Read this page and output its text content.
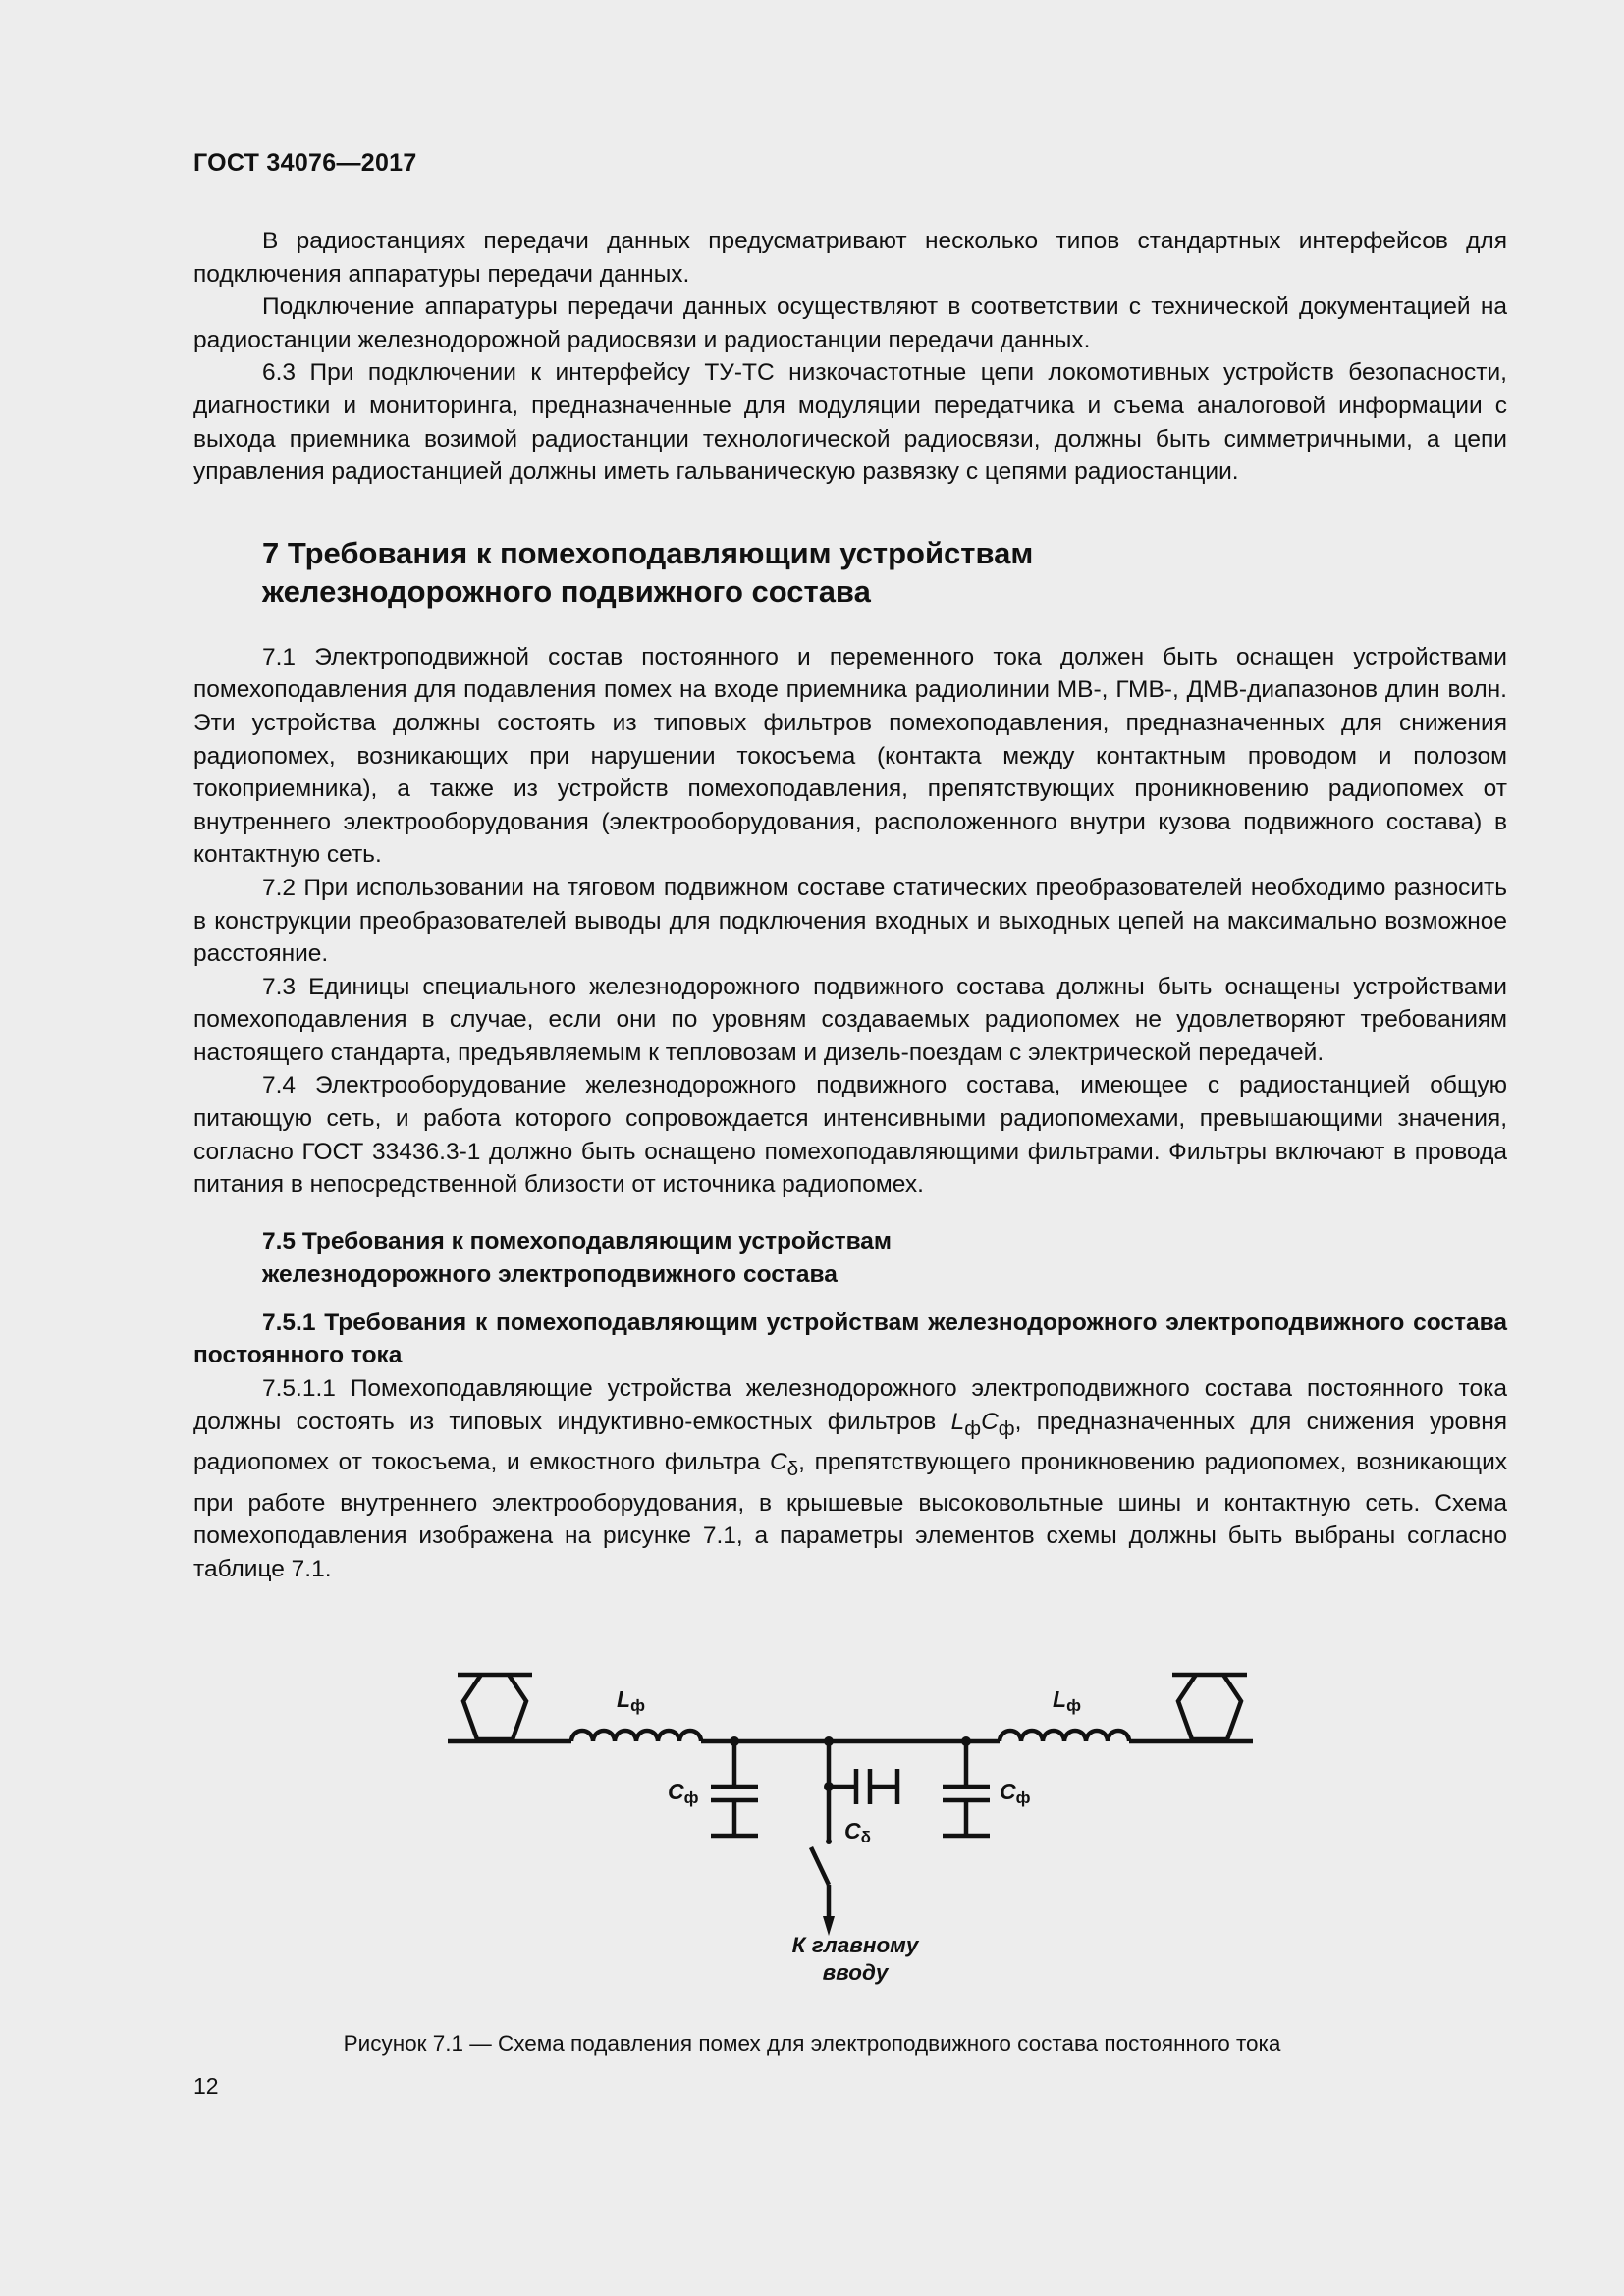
ГОСТ 34076—2017

В радиостанциях передачи данных предусматривают несколько типов стандартных интерфейсов для подключения аппаратуры передачи данных.

Подключение аппаратуры передачи данных осуществляют в соответствии с технической документацией на радиостанции железнодорожной радиосвязи и радиостанции передачи данных.

6.3 При подключении к интерфейсу ТУ-ТС низкочастотные цепи локомотивных устройств безопасности, диагностики и мониторинга, предназначенные для модуляции передатчика и съема аналоговой информации с выхода приемника возимой радиостанции технологической радиосвязи, должны быть симметричными, а цепи управления радиостанцией должны иметь гальваническую развязку с цепями радиостанции.

7 Требования к помехоподавляющим устройствам
железнодорожного подвижного состава

7.1 Электроподвижной состав постоянного и переменного тока должен быть оснащен устройствами помехоподавления для подавления помех на входе приемника радиолинии МВ-, ГМВ-, ДМВ-диапазонов длин волн. Эти устройства должны состоять из типовых фильтров помехоподавления, предназначенных для снижения радиопомех, возникающих при нарушении токосъема (контакта между контактным проводом и полозом токоприемника), а также из устройств помехоподавления, препятствующих проникновению радиопомех от внутреннего электрооборудования (электрооборудования, расположенного внутри кузова подвижного состава) в контактную сеть.

7.2 При использовании на тяговом подвижном составе статических преобразователей необходимо разносить в конструкции преобразователей выводы для подключения входных и выходных цепей на максимально возможное расстояние.

7.3 Единицы специального железнодорожного подвижного состава должны быть оснащены устройствами помехоподавления в случае, если они по уровням создаваемых радиопомех не удовлетворяют требованиям настоящего стандарта, предъявляемым к тепловозам и дизель-поездам с электрической передачей.

7.4 Электрооборудование железнодорожного подвижного состава, имеющее с радиостанцией общую питающую сеть, и работа которого сопровождается интенсивными радиопомехами, превышающими значения, согласно ГОСТ 33436.3-1 должно быть оснащено помехоподавляющими фильтрами. Фильтры включают в провода питания в непосредственной близости от источника радиопомех.

7.5 Требования к помехоподавляющим устройствам
железнодорожного электроподвижного состава

7.5.1 Требования к помехоподавляющим устройствам железнодорожного электроподвижного состава постоянного тока

7.5.1.1 Помехоподавляющие устройства железнодорожного электроподвижного состава постоянного тока должны состоять из типовых индуктивно-емкостных фильтров $L_фC_ф$, предназначенных для снижения уровня радиопомех от токосъема, и емкостного фильтра $C_\delta$, препятствующего проникновению радиопомех, возникающих при работе внутреннего электрооборудования, в крышевые высоковольтные шины и контактную сеть. Схема помехоподавления изображена на рисунке 7.1, а параметры элементов схемы должны быть выбраны согласно таблице 7.1.

$L_ф$	$L_ф$
$C_ф$	$C_ф$
$C_\delta$
К главному
вводу
Рисунок 7.1 — Схема подавления помех для электроподвижного состава постоянного тока
12
